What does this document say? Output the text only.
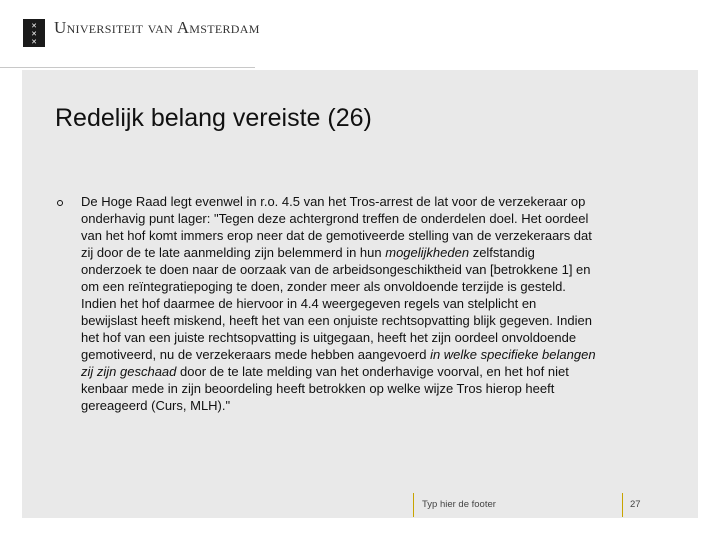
✕
✕
✕
Universiteit van Amsterdam
Redelijk belang vereiste (26)
De Hoge Raad legt evenwel in r.o. 4.5 van het Tros-arrest de lat voor de verzekeraar op
onderhavig punt lager: "Tegen deze achtergrond treffen de onderdelen doel. Het oordeel
van het hof komt immers erop neer dat de gemotiveerde stelling van de verzekeraars dat
zij door de te late aanmelding zijn belemmerd in hun mogelijkheden zelfstandig
onderzoek te doen naar de oorzaak van de arbeidsongeschiktheid van [betrokkene 1] en
om een reïntegratiepoging te doen, zonder meer als onvoldoende terzijde is gesteld.
Indien het hof daarmee de hiervoor in 4.4 weergegeven regels van stelplicht en
bewijslast heeft miskend, heeft het van een onjuiste rechtsopvatting blijk gegeven. Indien
het hof van een juiste rechtsopvatting is uitgegaan, heeft het zijn oordeel onvoldoende
gemotiveerd, nu de verzekeraars mede hebben aangevoerd in welke specifieke belangen
zij zijn geschaad door de te late melding van het onderhavige voorval, en het hof niet
kenbaar mede in zijn beoordeling heeft betrokken op welke wijze Tros hierop heeft
gereageerd (Curs, MLH)."
Typ hier de footer	27
